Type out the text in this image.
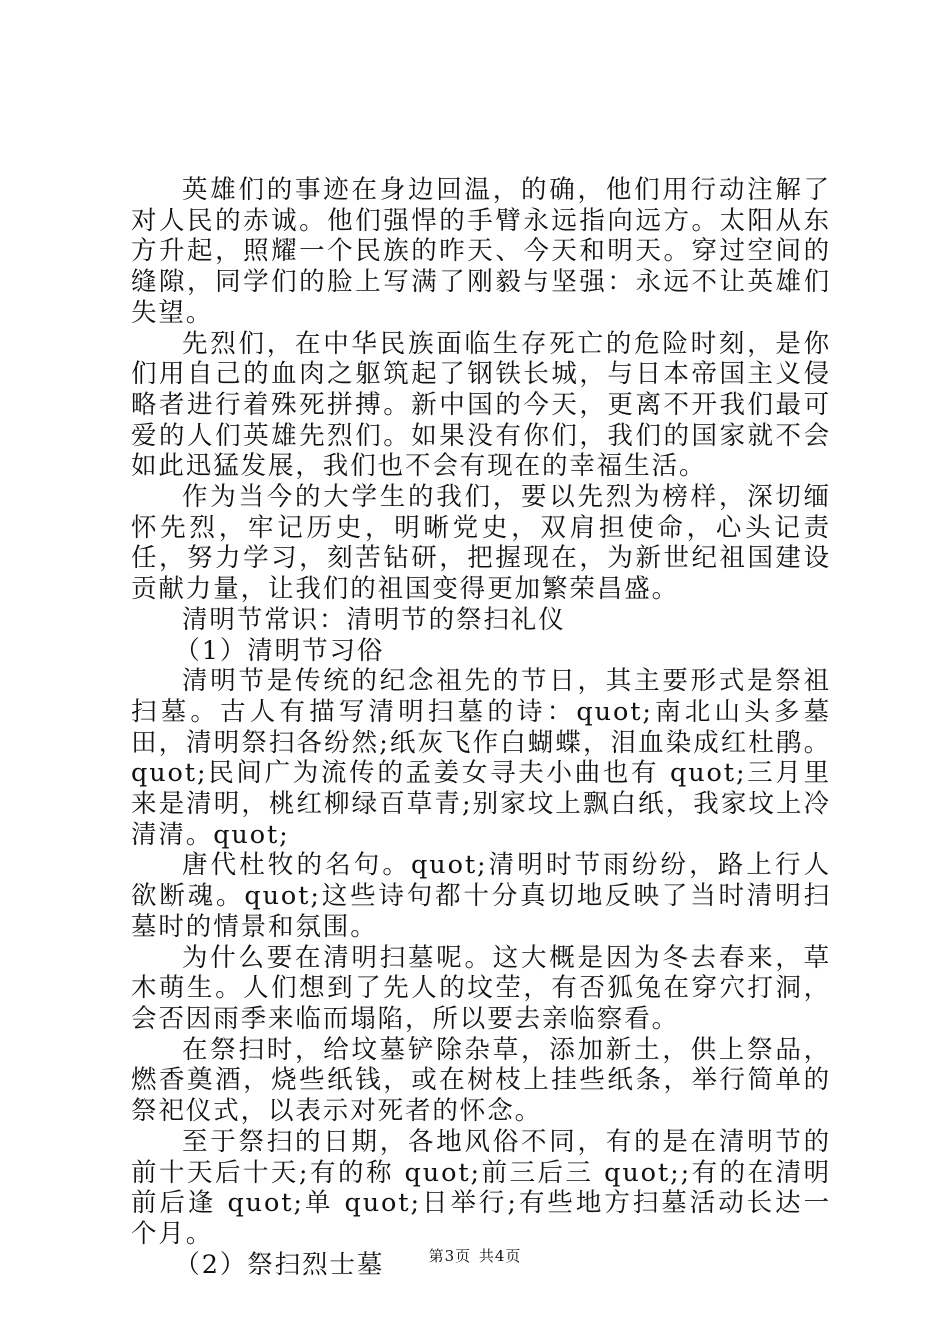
英雄们的事迹在身边回温，的确，他们用行动注解了对人民的赤诚。他们强悍的手臂永远指向远方。太阳从东方升起，照耀一个民族的昨天、今天和明天。穿过空间的缝隙，同学们的脸上写满了刚毅与坚强：永远不让英雄们失望。

先烈们，在中华民族面临生存死亡的危险时刻，是你们用自己的血肉之躯筑起了钢铁长城，与日本帝国主义侵略者进行着殊死拼搏。新中国的今天，更离不开我们最可爱的人们英雄先烈们。如果没有你们，我们的国家就不会如此迅猛发展，我们也不会有现在的幸福生活。

作为当今的大学生的我们，要以先烈为榜样，深切缅怀先烈，牢记历史，明晰党史，双肩担使命，心头记责任，努力学习，刻苦钻研，把握现在，为新世纪祖国建设贡献力量，让我们的祖国变得更加繁荣昌盛。

清明节常识：清明节的祭扫礼仪

（1）清明节习俗

清明节是传统的纪念祖先的节日，其主要形式是祭祖扫墓。古人有描写清明扫墓的诗：quot;南北山头多墓田，清明祭扫各纷然;纸灰飞作白蝴蝶，泪血染成红杜鹃。quot;民间广为流传的孟姜女寻夫小曲也有 quot;三月里来是清明，桃红柳绿百草青;别家坟上飘白纸，我家坟上冷清清。quot;

唐代杜牧的名句。quot;清明时节雨纷纷，路上行人欲断魂。quot;这些诗句都十分真切地反映了当时清明扫墓时的情景和氛围。

为什么要在清明扫墓呢。这大概是因为冬去春来，草木萌生。人们想到了先人的坟茔，有否狐兔在穿穴打洞，会否因雨季来临而塌陷，所以要去亲临察看。

在祭扫时，给坟墓铲除杂草，添加新土，供上祭品，燃香奠酒，烧些纸钱，或在树枝上挂些纸条，举行简单的祭祀仪式，以表示对死者的怀念。

至于祭扫的日期，各地风俗不同，有的是在清明节的前十天后十天;有的称 quot;前三后三 quot;;有的在清明前后逢 quot;单 quot;日举行;有些地方扫墓活动长达一个月。

（2）祭扫烈士墓	第3页 共4页
